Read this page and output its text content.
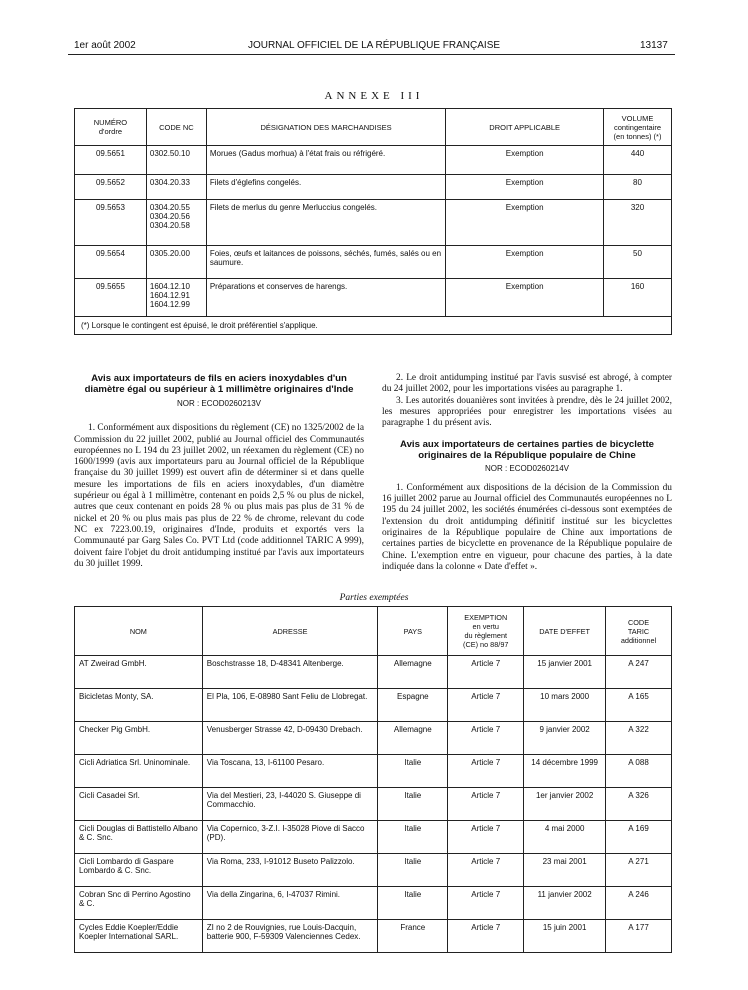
1er août 2002	JOURNAL OFFICIEL DE LA RÉPUBLIQUE FRANÇAISE	13137
ANNEXE III
NUMÉRO
d'ordre	CODE NC	DÉSIGNATION DES MARCHANDISES	DROIT APPLICABLE	VOLUME
contingentaire
(en tonnes) (*)
09.5651	0302.50.10	Morues (Gadus morhua) à l'état frais ou réfrigéré.	Exemption	440
09.5652	0304.20.33	Filets d'églefins congelés.	Exemption	80
09.5653	0304.20.55
0304.20.56
0304.20.58	Filets de merlus du genre Merluccius congelés.	Exemption	320
09.5654	0305.20.00	Foies, œufs et laitances de poissons, séchés, fumés, salés ou en saumure.	Exemption	50
09.5655	1604.12.10
1604.12.91
1604.12.99	Préparations et conserves de harengs.	Exemption	160
(*) Lorsque le contingent est épuisé, le droit préférentiel s'applique.				
Avis aux importateurs de fils en aciers inoxydables d'un diamètre égal ou supérieur à 1 millimètre originaires d'Inde
NOR : ECOD0260213V

1. Conformément aux dispositions du règlement (CE) no 1325/2002 de la Commission du 22 juillet 2002, publié au Journal officiel des Communautés européennes no L 194 du 23 juillet 2002, un réexamen du règlement (CE) no 1600/1999 (avis aux importateurs paru au Journal officiel de la République française du 30 juillet 1999) est ouvert afin de déterminer si et dans quelle mesure les importations de fils en aciers inoxydables, d'un diamètre supérieur ou égal à 1 millimètre, contenant en poids 2,5 % ou plus de nickel, autres que ceux contenant en poids 28 % ou plus mais pas plus de 31 % de nickel et 20 % ou plus mais pas plus de 22 % de chrome, relevant du code NC ex 7223.00.19, originaires d'Inde, produits et exportés vers la Communauté par Garg Sales Co. PVT Ltd (code additionnel TARIC A 999), doivent faire l'objet du droit antidumping institué par l'avis aux importateurs du 30 juillet 1999.

2. Le droit antidumping institué par l'avis susvisé est abrogé, à compter du 24 juillet 2002, pour les importations visées au paragraphe 1.

3. Les autorités douanières sont invitées à prendre, dès le 24 juillet 2002, les mesures appropriées pour enregistrer les importations visées au paragraphe 1 du présent avis.

Avis aux importateurs de certaines parties de bicyclette originaires de la République populaire de Chine
NOR : ECOD0260214V

1. Conformément aux dispositions de la décision de la Commission du 16 juillet 2002 parue au Journal officiel des Communautés européennes no L 195 du 24 juillet 2002, les sociétés énumérées ci-dessous sont exemptées de l'extension du droit antidumping définitif institué sur les bicyclettes originaires de la République populaire de Chine aux importations de certaines parties de bicyclette en provenance de la République populaire de Chine. L'exemption entre en vigueur, pour chacune des parties, à la date indiquée dans la colonne « Date d'effet ».

Parties exemptées
NOM	ADRESSE	PAYS	EXEMPTION
en vertu
du règlement
(CE) no 88/97	DATE D'EFFET	CODE
TARIC
additionnel
AT Zweirad GmbH.	Boschstrasse 18, D-48341 Altenberge.	Allemagne	Article 7	15 janvier 2001	A 247
Bicicletas Monty, SA.	El Pla, 106, E-08980 Sant Feliu de Llobregat.	Espagne	Article 7	10 mars 2000	A 165
Checker Pig GmbH.	Venusberger Strasse 42, D-09430 Drebach.	Allemagne	Article 7	9 janvier 2002	A 322
Cicli Adriatica Srl. Uninominale.	Via Toscana, 13, I-61100 Pesaro.	Italie	Article 7	14 décembre 1999	A 088
Cicli Casadei Srl.	Via del Mestieri, 23, I-44020 S. Giuseppe di Commacchio.	Italie	Article 7	1er janvier 2002	A 326
Cicli Douglas di Battistello Albano & C. Snc.	Via Copernico, 3-Z.I. I-35028 Piove di Sacco (PD).	Italie	Article 7	4 mai 2000	A 169
Cicli Lombardo di Gaspare Lombardo & C. Snc.	Via Roma, 233, I-91012 Buseto Palizzolo.	Italie	Article 7	23 mai 2001	A 271
Cobran Snc di Perrino Agostino & C.	Via della Zingarina, 6, I-47037 Rimini.	Italie	Article 7	11 janvier 2002	A 246
Cycles Eddie Koepler/Eddie Koepler International SARL.	ZI no 2 de Rouvignies, rue Louis-Dacquin, batterie 900, F-59309 Valenciennes Cedex.	France	Article 7	15 juin 2001	A 177
